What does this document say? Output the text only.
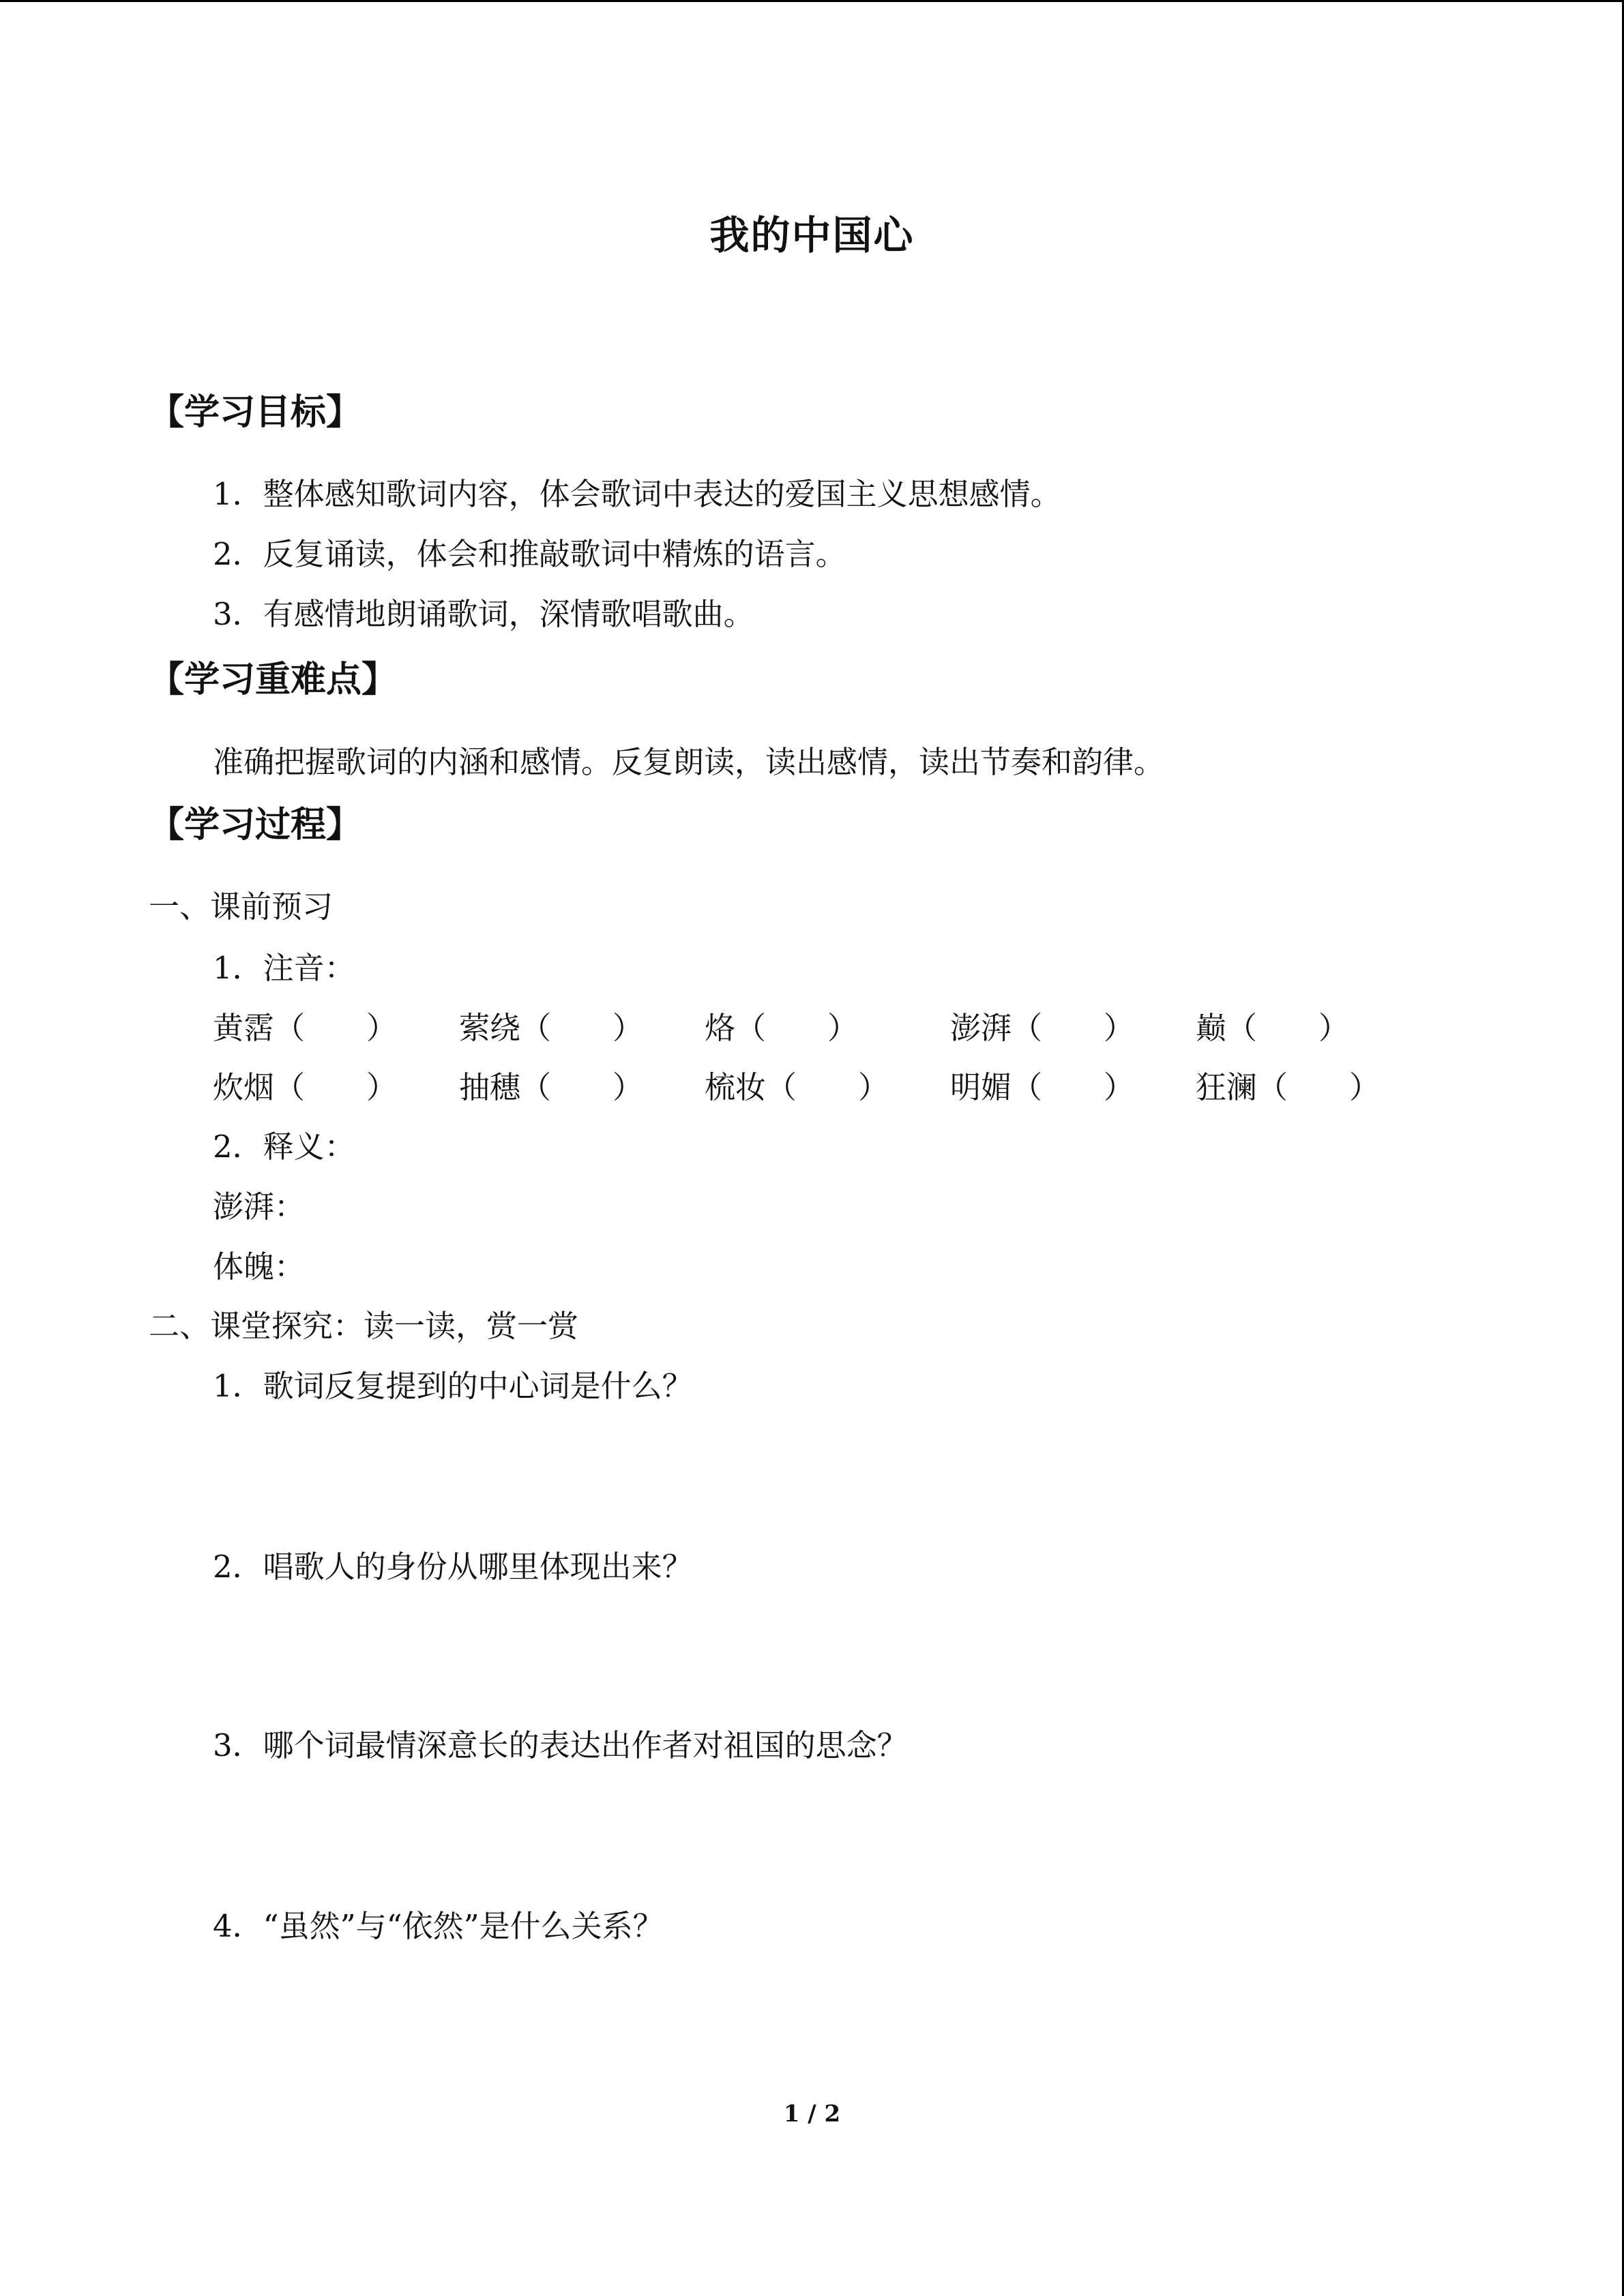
我的中国心
【学习目标】
1．整体感知歌词内容，体会歌词中表达的爱国主义思想感情。
2．反复诵读，体会和推敲歌词中精炼的语言。
3．有感情地朗诵歌词，深情歌唱歌曲。
【学习重难点】
准确把握歌词的内涵和感情。反复朗读，读出感情，读出节奏和韵律。
【学习过程】
一、课前预习
1．注音：
黄霑（　　） 萦绕（　　） 烙（　　）	澎湃（　　） 巅（　　）
炊烟（　　） 抽穗（　　） 梳妆（　　） 明媚（　　） 狂澜（　　）
2．释义：
澎湃：
体魄：
二、课堂探究：读一读，赏一赏
1．歌词反复提到的中心词是什么？
2．唱歌人的身份从哪里体现出来？
3．哪个词最情深意长的表达出作者对祖国的思念？
4．“虽然”与“依然”是什么关系？
1 / 2
